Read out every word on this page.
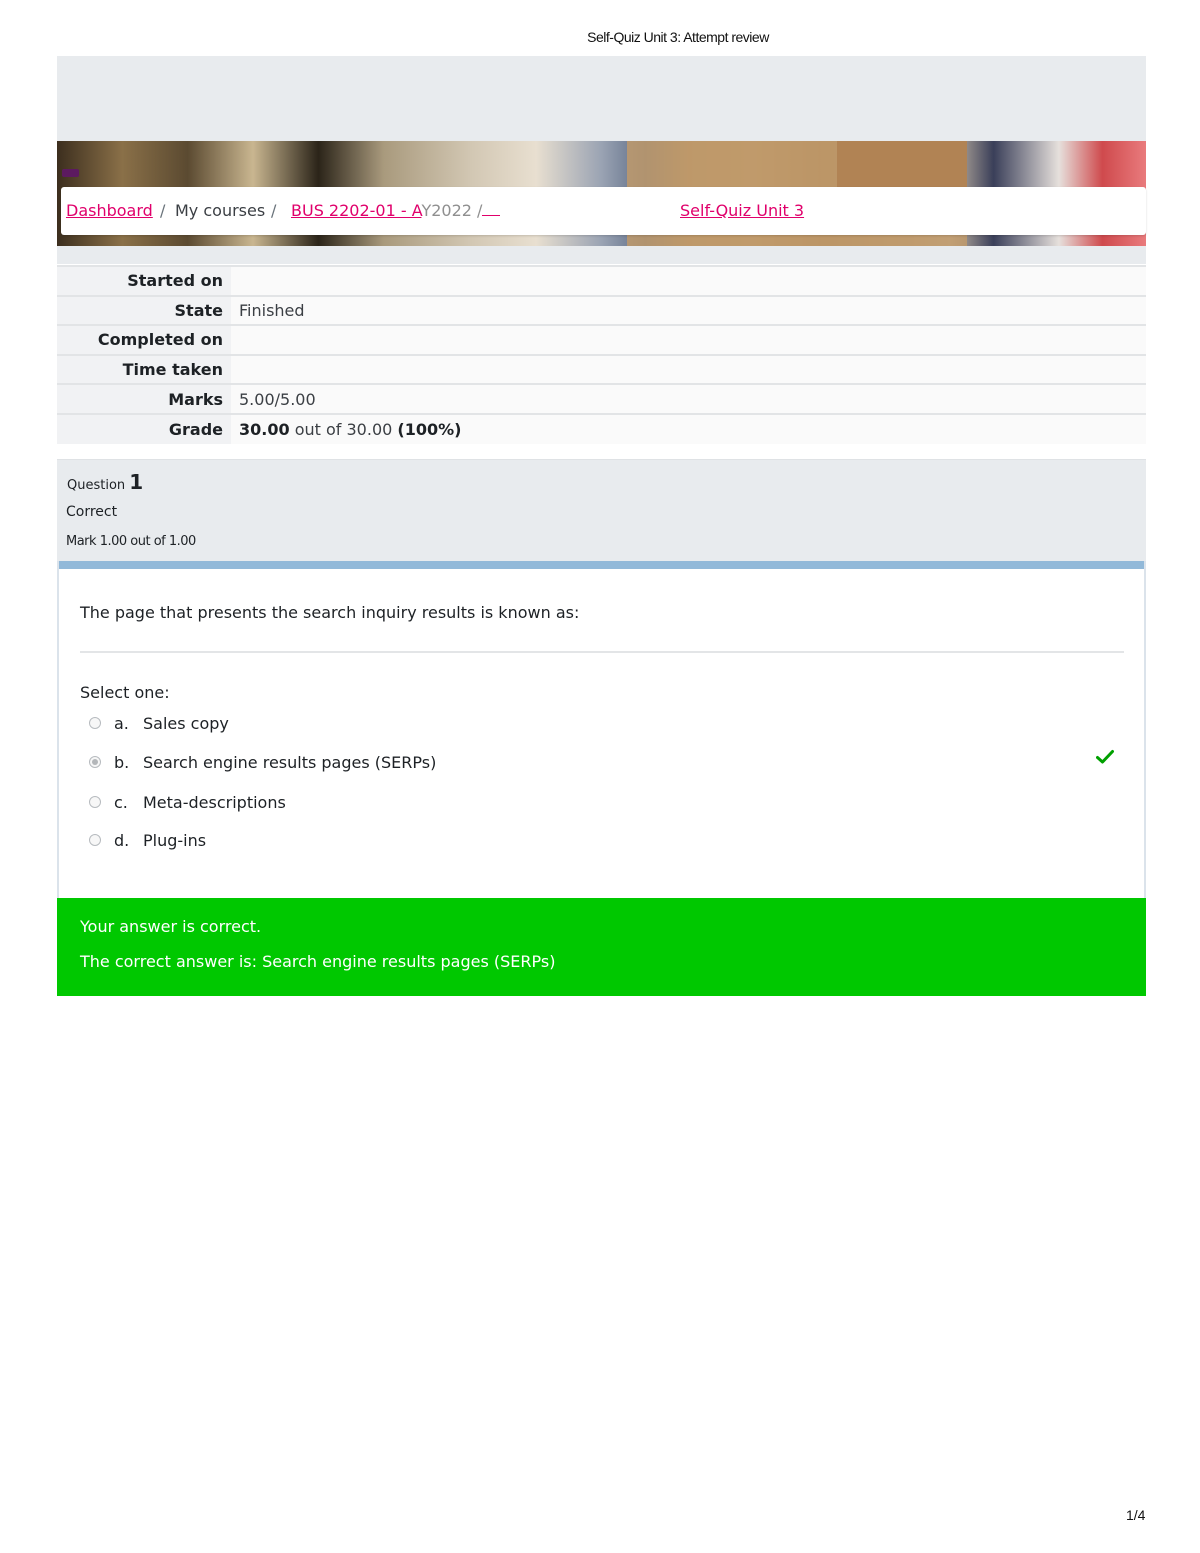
Self-Quiz Unit 3: Attempt review
Dashboard / My courses / BUS 2202-01 - AY2022 /	Self-Quiz Unit 3
Started on	
State	Finished
Completed on	
Time taken	
Marks	5.00/5.00
Grade	30.00 out of 30.00 (100%)
Question 1
Correct
Mark 1.00 out of 1.00
The page that presents the search inquiry results is known as:
Select one:
a. Sales copy
b. Search engine results pages (SERPs)
c. Meta-descriptions
d. Plug-ins
Your answer is correct.
The correct answer is: Search engine results pages (SERPs)
1/4
